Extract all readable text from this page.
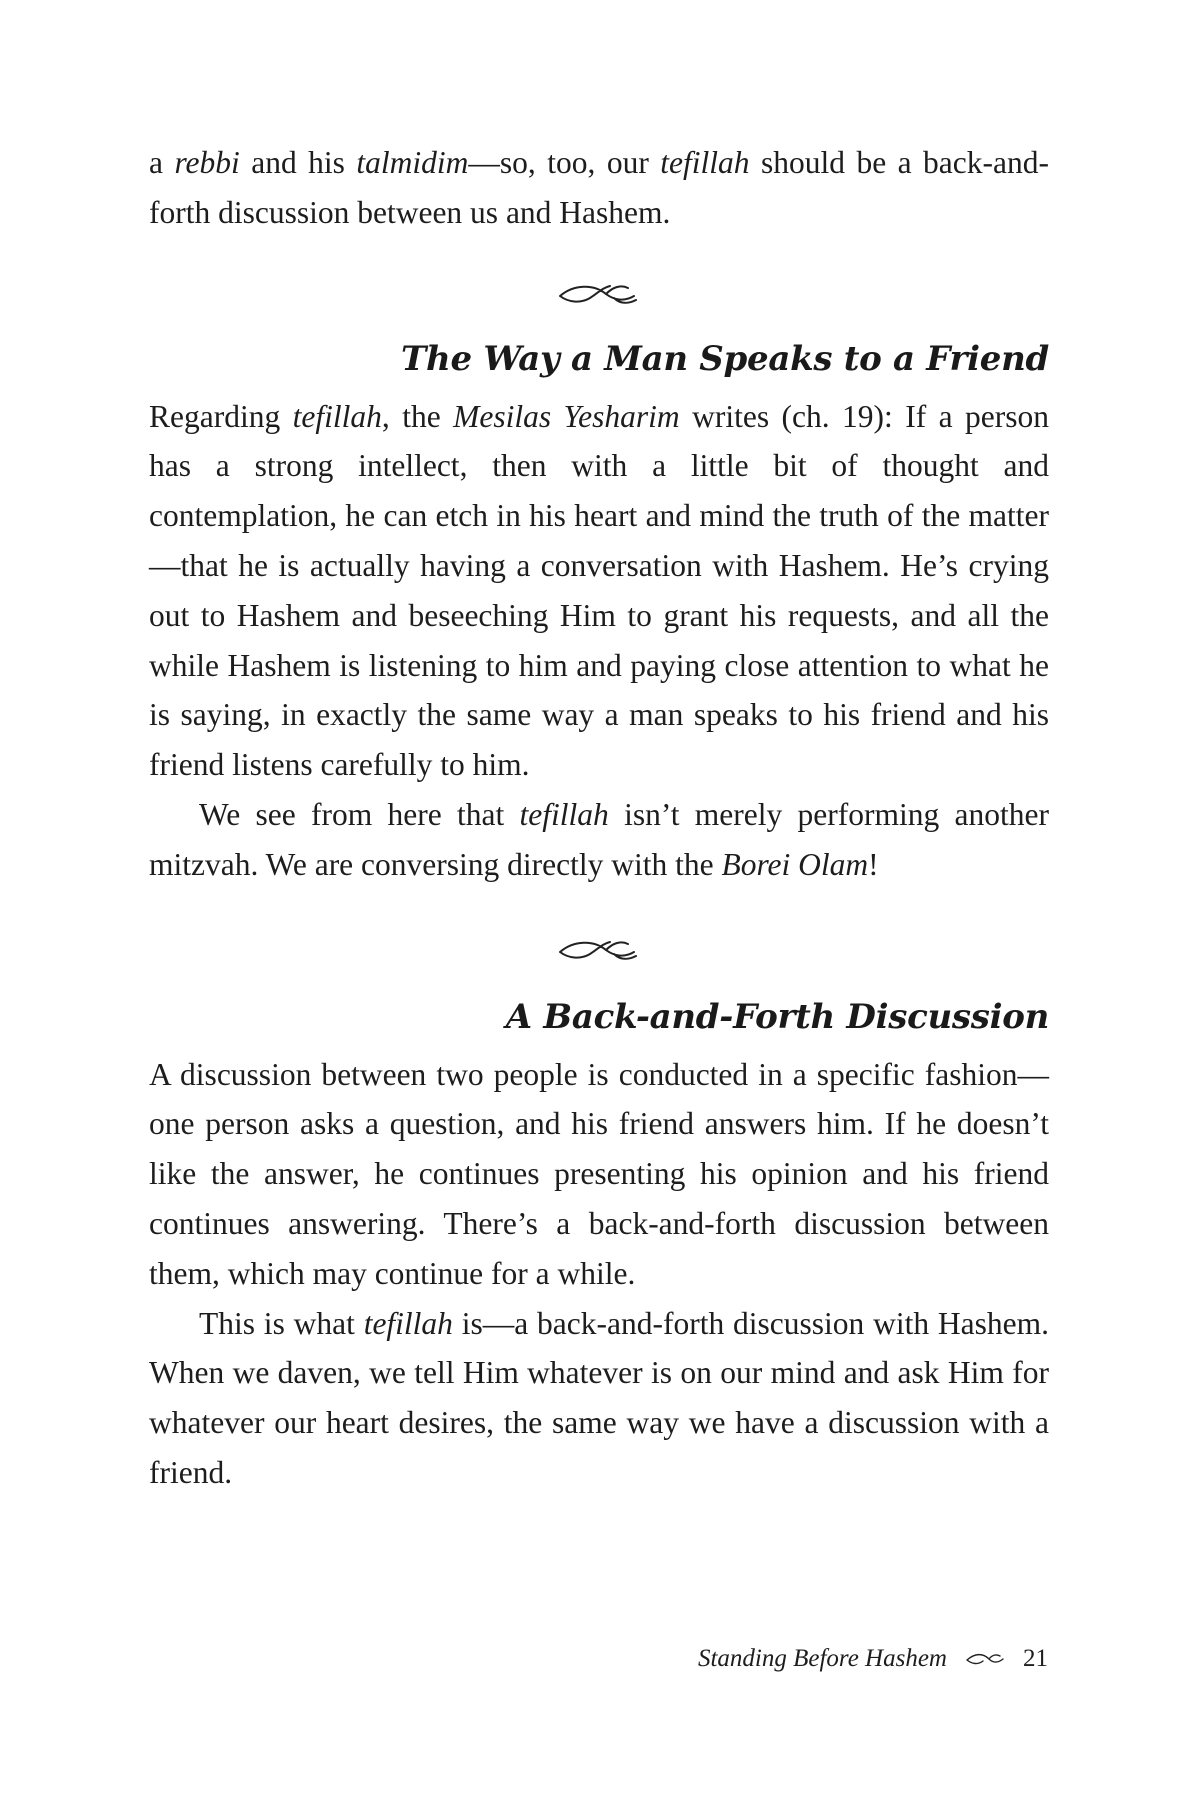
a rebbi and his talmidim—so, too, our tefillah should be a back-and-forth discussion between us and Hashem.

The Way a Man Speaks to a Friend

Regarding tefillah, the Mesilas Yesharim writes (ch. 19): If a person has a strong intellect, then with a little bit of thought and contemplation, he can etch in his heart and mind the truth of the matter—that he is actually having a conversation with Hashem. He’s crying out to Hashem and beseeching Him to grant his requests, and all the while Hashem is listening to him and paying close attention to what he is saying, in exactly the same way a man speaks to his friend and his friend listens carefully to him.

We see from here that tefillah isn’t merely performing another mitzvah. We are conversing directly with the Borei Olam!

A Back-and-Forth Discussion

A discussion between two people is conducted in a specific fashion—one person asks a question, and his friend answers him. If he doesn’t like the answer, he continues presenting his opinion and his friend continues answering. There’s a back-and-forth discussion between them, which may continue for a while.

This is what tefillah is—a back-and-forth discussion with Hashem. When we daven, we tell Him whatever is on our mind and ask Him for whatever our heart desires, the same way we have a discussion with a friend.

Standing Before Hashem	21
